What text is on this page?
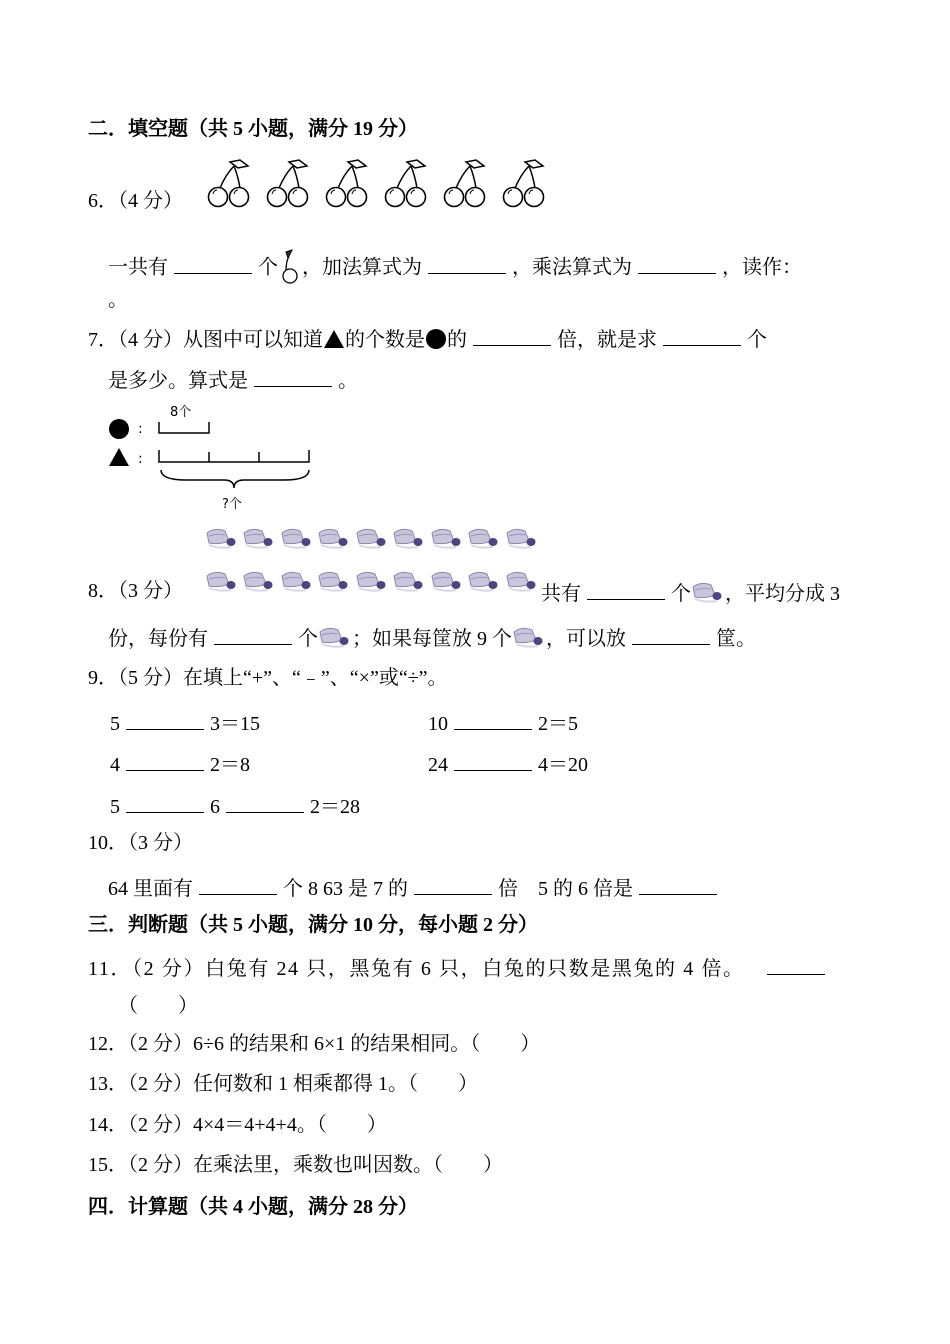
二．填空题（共 5 小题，满分 19 分）
6．（4 分）
一共有	个 ，加法算式为	，乘法算式为	，读作：
。
7．（4 分）从图中可以知道 的个数是 的	倍，就是求	个
是多少。算式是	。
:
:
8个
?个
8．（3 分）	共有	个 ，平均分成 3
份，每份有	个 ；如果每筐放 9 个 ，可以放	筐。
9．（5 分）在填上“+”、“﹣”、“×”或“÷”。
5	3＝15	10	2＝5
4	2＝8	24	4＝20
5	6	2＝28
10．（3 分）
64 里面有	个 8 63 是 7 的	倍　5 的 6 倍是
三．判断题（共 5 小题，满分 10 分，每小题 2 分）
11．（2 分）白兔有 24 只，黑兔有 6 只，白兔的只数是黑兔的 4 倍。
（　　）
12．（2 分）6÷6 的结果和 6×1 的结果相同。（　　）
13．（2 分）任何数和 1 相乘都得 1。（　　）
14．（2 分）4×4＝4+4+4。（　　）
15．（2 分）在乘法里，乘数也叫因数。（　　）
四．计算题（共 4 小题，满分 28 分）
